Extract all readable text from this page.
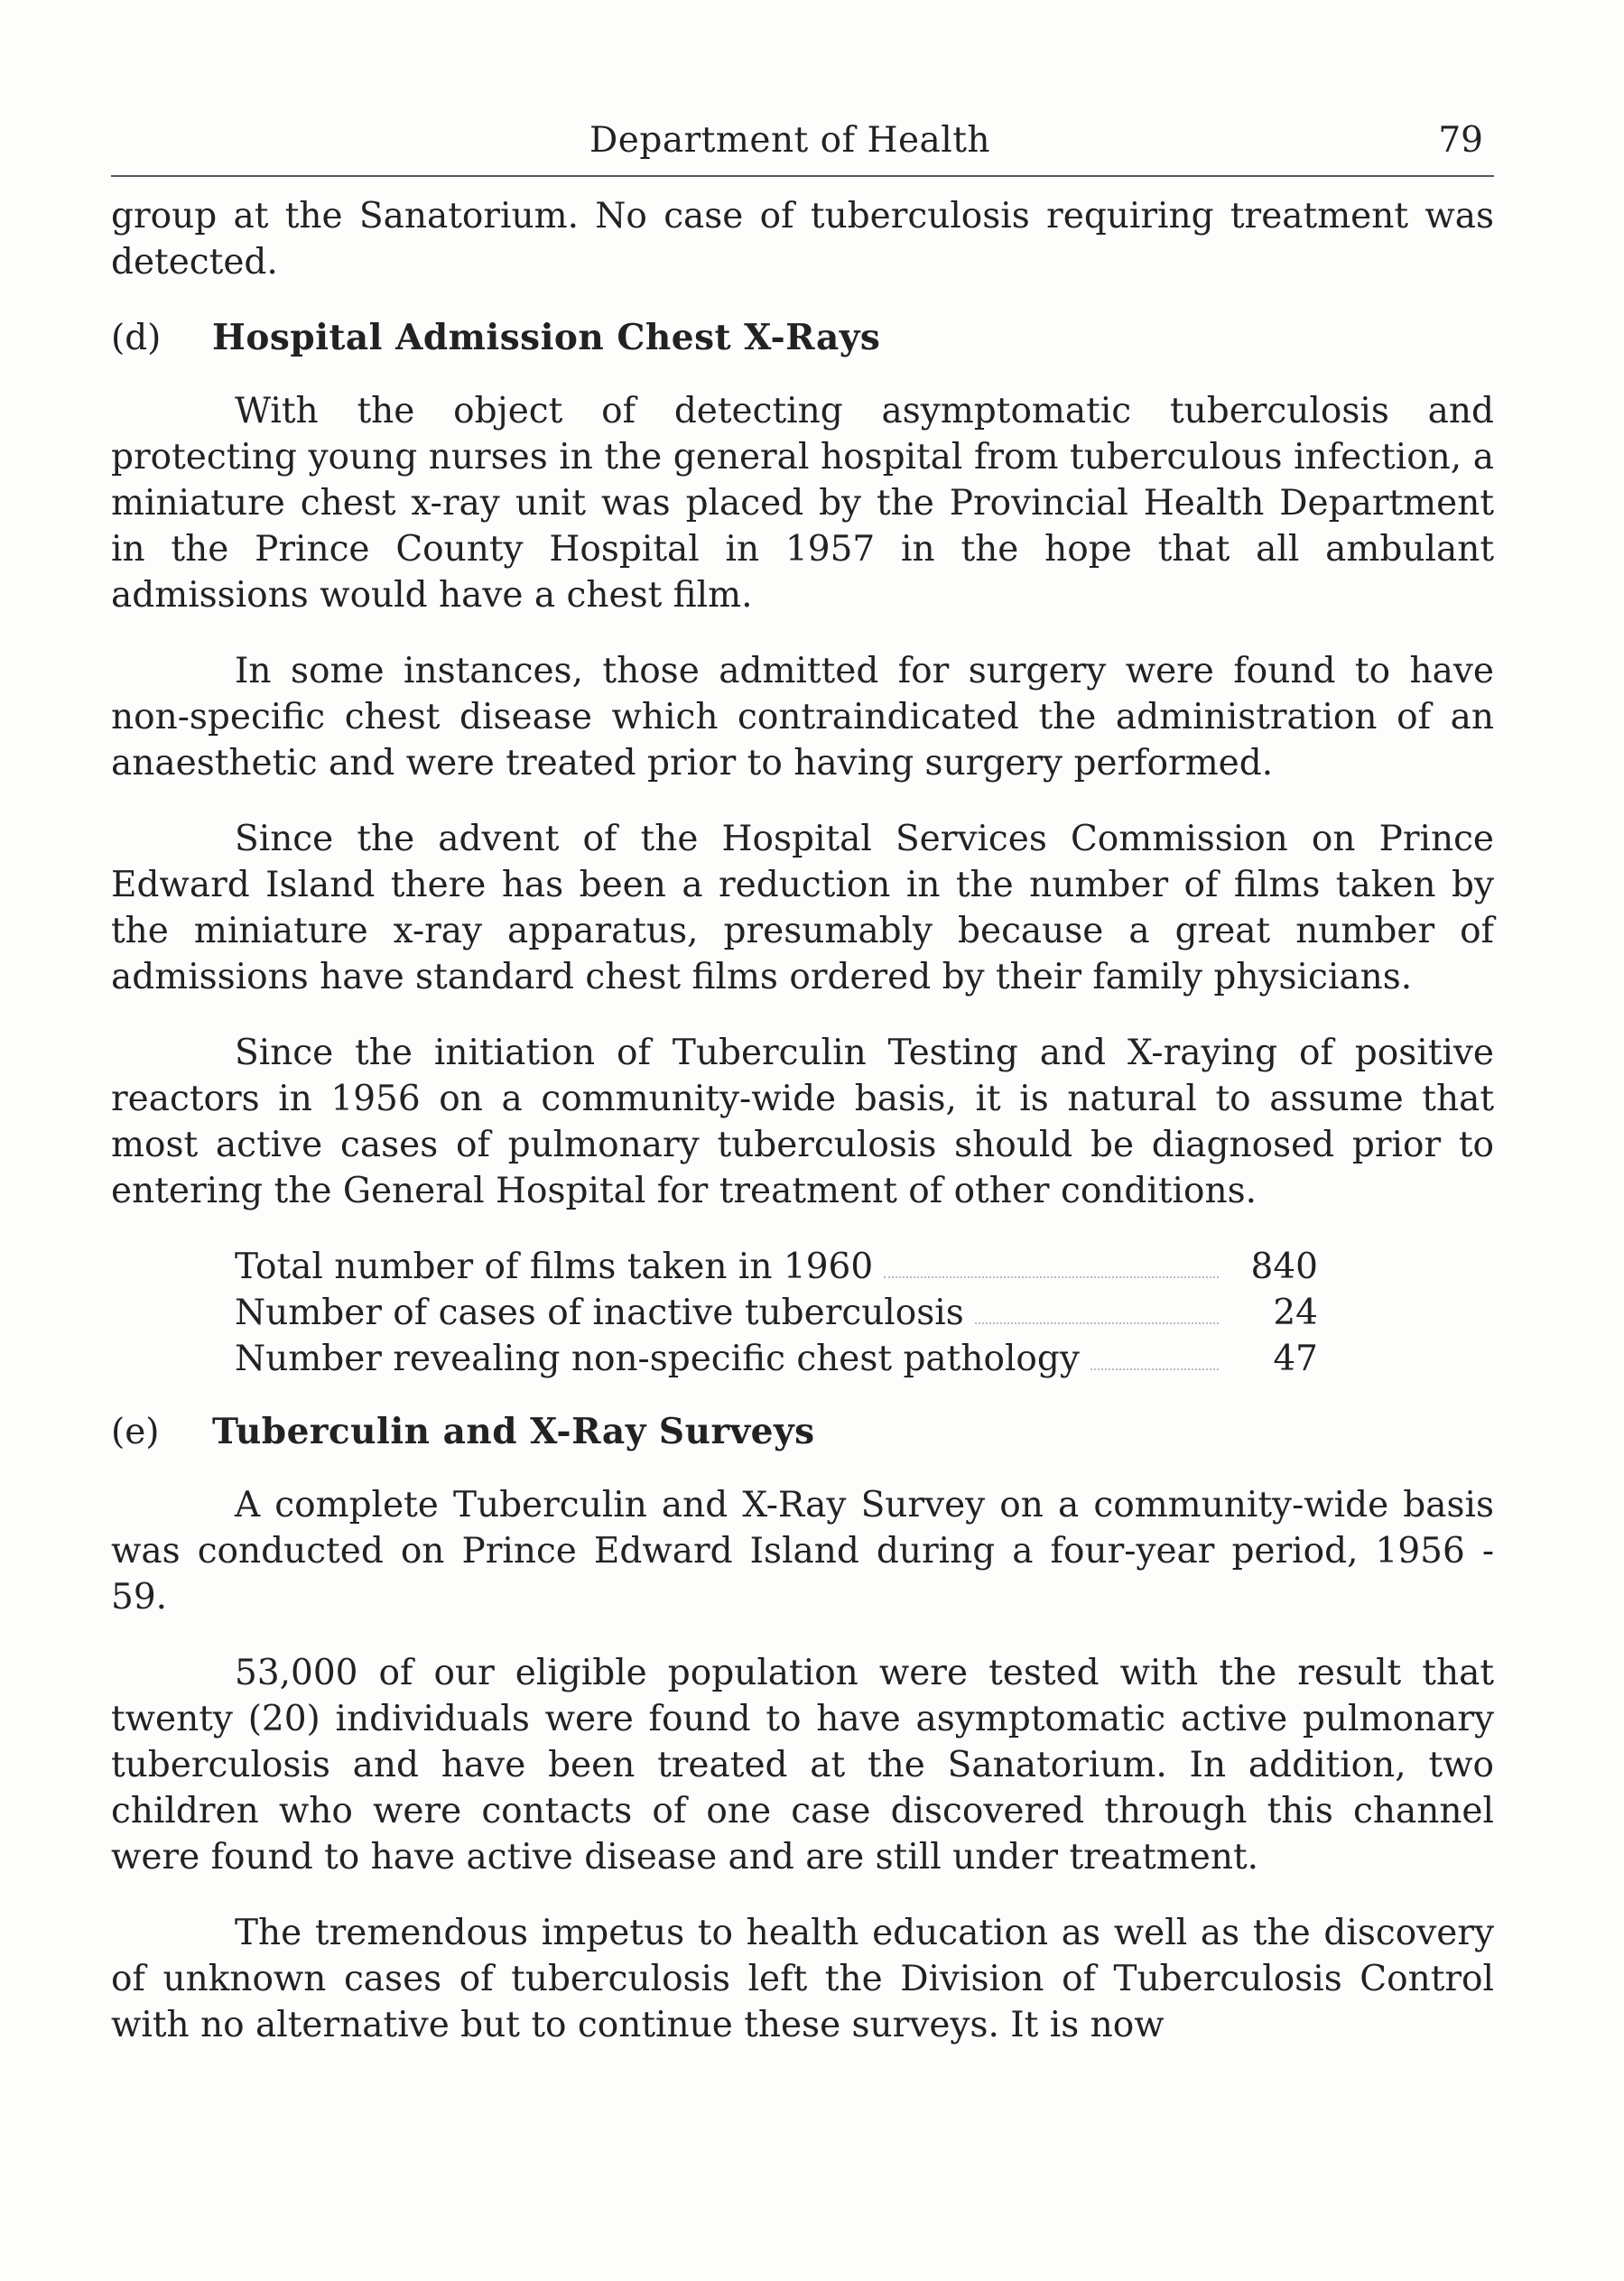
Department of Health	79

group at the Sanatorium. No case of tuberculosis requiring treatment was detected.

(d)	Hospital Admission Chest X-Rays

With the object of detecting asymptomatic tuberculosis and protecting young nurses in the general hospital from tuberculous infection, a miniature chest x-ray unit was placed by the Provincial Health Department in the Prince County Hospital in 1957 in the hope that all ambulant admissions would have a chest film.

In some instances, those admitted for surgery were found to have non-specific chest disease which contraindicated the administration of an anaesthetic and were treated prior to having surgery performed.

Since the advent of the Hospital Services Commission on Prince Edward Island there has been a reduction in the number of films taken by the miniature x-ray apparatus, presumably because a great number of admissions have standard chest films ordered by their family physicians.

Since the initiation of Tuberculin Testing and X-raying of positive reactors in 1956 on a community-wide basis, it is natural to assume that most active cases of pulmonary tuberculosis should be diagnosed prior to entering the General Hospital for treatment of other conditions.

Total number of films taken in 1960	840
Number of cases of inactive tuberculosis	24
Number revealing non-specific chest pathology	47
(e)	Tuberculin and X-Ray Surveys

A complete Tuberculin and X-Ray Survey on a community-wide basis was conducted on Prince Edward Island during a four-year period, 1956 - 59.

53,000 of our eligible population were tested with the result that twenty (20) individuals were found to have asymptomatic active pulmonary tuberculosis and have been treated at the Sanatorium. In addition, two children who were contacts of one case discovered through this channel were found to have active disease and are still under treatment.

The tremendous impetus to health education as well as the discovery of unknown cases of tuberculosis left the Division of Tuberculosis Control with no alternative but to continue these surveys. It is now
